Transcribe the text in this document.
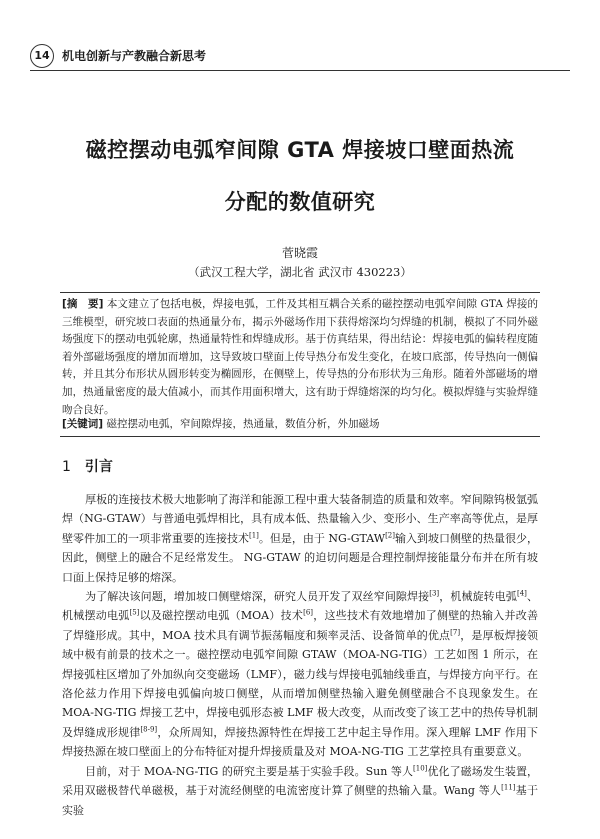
14	机电创新与产教融合新思考
磁控摆动电弧窄间隙 GTA 焊接坡口壁面热流
分配的数值研究
菅晓霞
（武汉工程大学，湖北省 武汉市 430223）
[摘　要] 本文建立了包括电极，焊接电弧，工件及其相互耦合关系的磁控摆动电弧窄间隙 GTA 焊接的三维模型，研究坡口表面的热通量分布，揭示外磁场作用下获得熔深均匀焊缝的机制，模拟了不同外磁场强度下的摆动电弧轮廓，热通量特性和焊缝成形。基于仿真结果，得出结论：焊接电弧的偏转程度随着外部磁场强度的增加而增加，这导致坡口壁面上传导热分布发生变化，在坡口底部，传导热向一侧偏转，并且其分布形状从圆形转变为椭圆形，在侧壁上，传导热的分布形状为三角形。随着外部磁场的增加，热通量密度的最大值减小，而其作用面积增大，这有助于焊缝熔深的均匀化。模拟焊缝与实验焊缝吻合良好。
[关键词] 磁控摆动电弧，窄间隙焊接，热通量，数值分析，外加磁场
1 引言

厚板的连接技术极大地影响了海洋和能源工程中重大装备制造的质量和效率。窄间隙钨极氩弧焊（NG-GTAW）与普通电弧焊相比，具有成本低、热量输入少、变形小、生产率高等优点，是厚壁零件加工的一项非常重要的连接技术[1]。但是，由于 NG-GTAW[2]输入到坡口侧壁的热量很少，因此，侧壁上的融合不足经常发生。 NG-GTAW 的迫切问题是合理控制焊接能量分布并在所有坡口面上保持足够的熔深。

为了解决该问题，增加坡口侧壁熔深，研究人员开发了双丝窄间隙焊接[3]，机械旋转电弧[4]、机械摆动电弧[5]以及磁控摆动电弧（MOA）技术[6]，这些技术有效地增加了侧壁的热输入并改善了焊缝形成。其中，MOA 技术具有调节振荡幅度和频率灵活、设备简单的优点[7]，是厚板焊接领域中极有前景的技术之一。磁控摆动电弧窄间隙 GTAW（MOA-NG-TIG）工艺如图 1 所示，在焊接弧柱区增加了外加纵向交变磁场（LMF），磁力线与焊接电弧轴线垂直，与焊接方向平行。在洛伦兹力作用下焊接电弧偏向坡口侧壁，从而增加侧壁热输入避免侧壁融合不良现象发生。在 MOA-NG-TIG 焊接工艺中，焊接电弧形态被 LMF 极大改变，从而改变了该工艺中的热传导机制及焊缝成形规律[8-9]，众所周知，焊接热源特性在焊接工艺中起主导作用。深入理解 LMF 作用下焊接热源在坡口壁面上的分布特征对提升焊接质量及对 MOA-NG-TIG 工艺掌控具有重要意义。

目前，对于 MOA-NG-TIG 的研究主要是基于实验手段。Sun 等人[10]优化了磁场发生装置，采用双磁极替代单磁极，基于对流经侧壁的电流密度计算了侧壁的热输入量。Wang 等人[11]基于实验
